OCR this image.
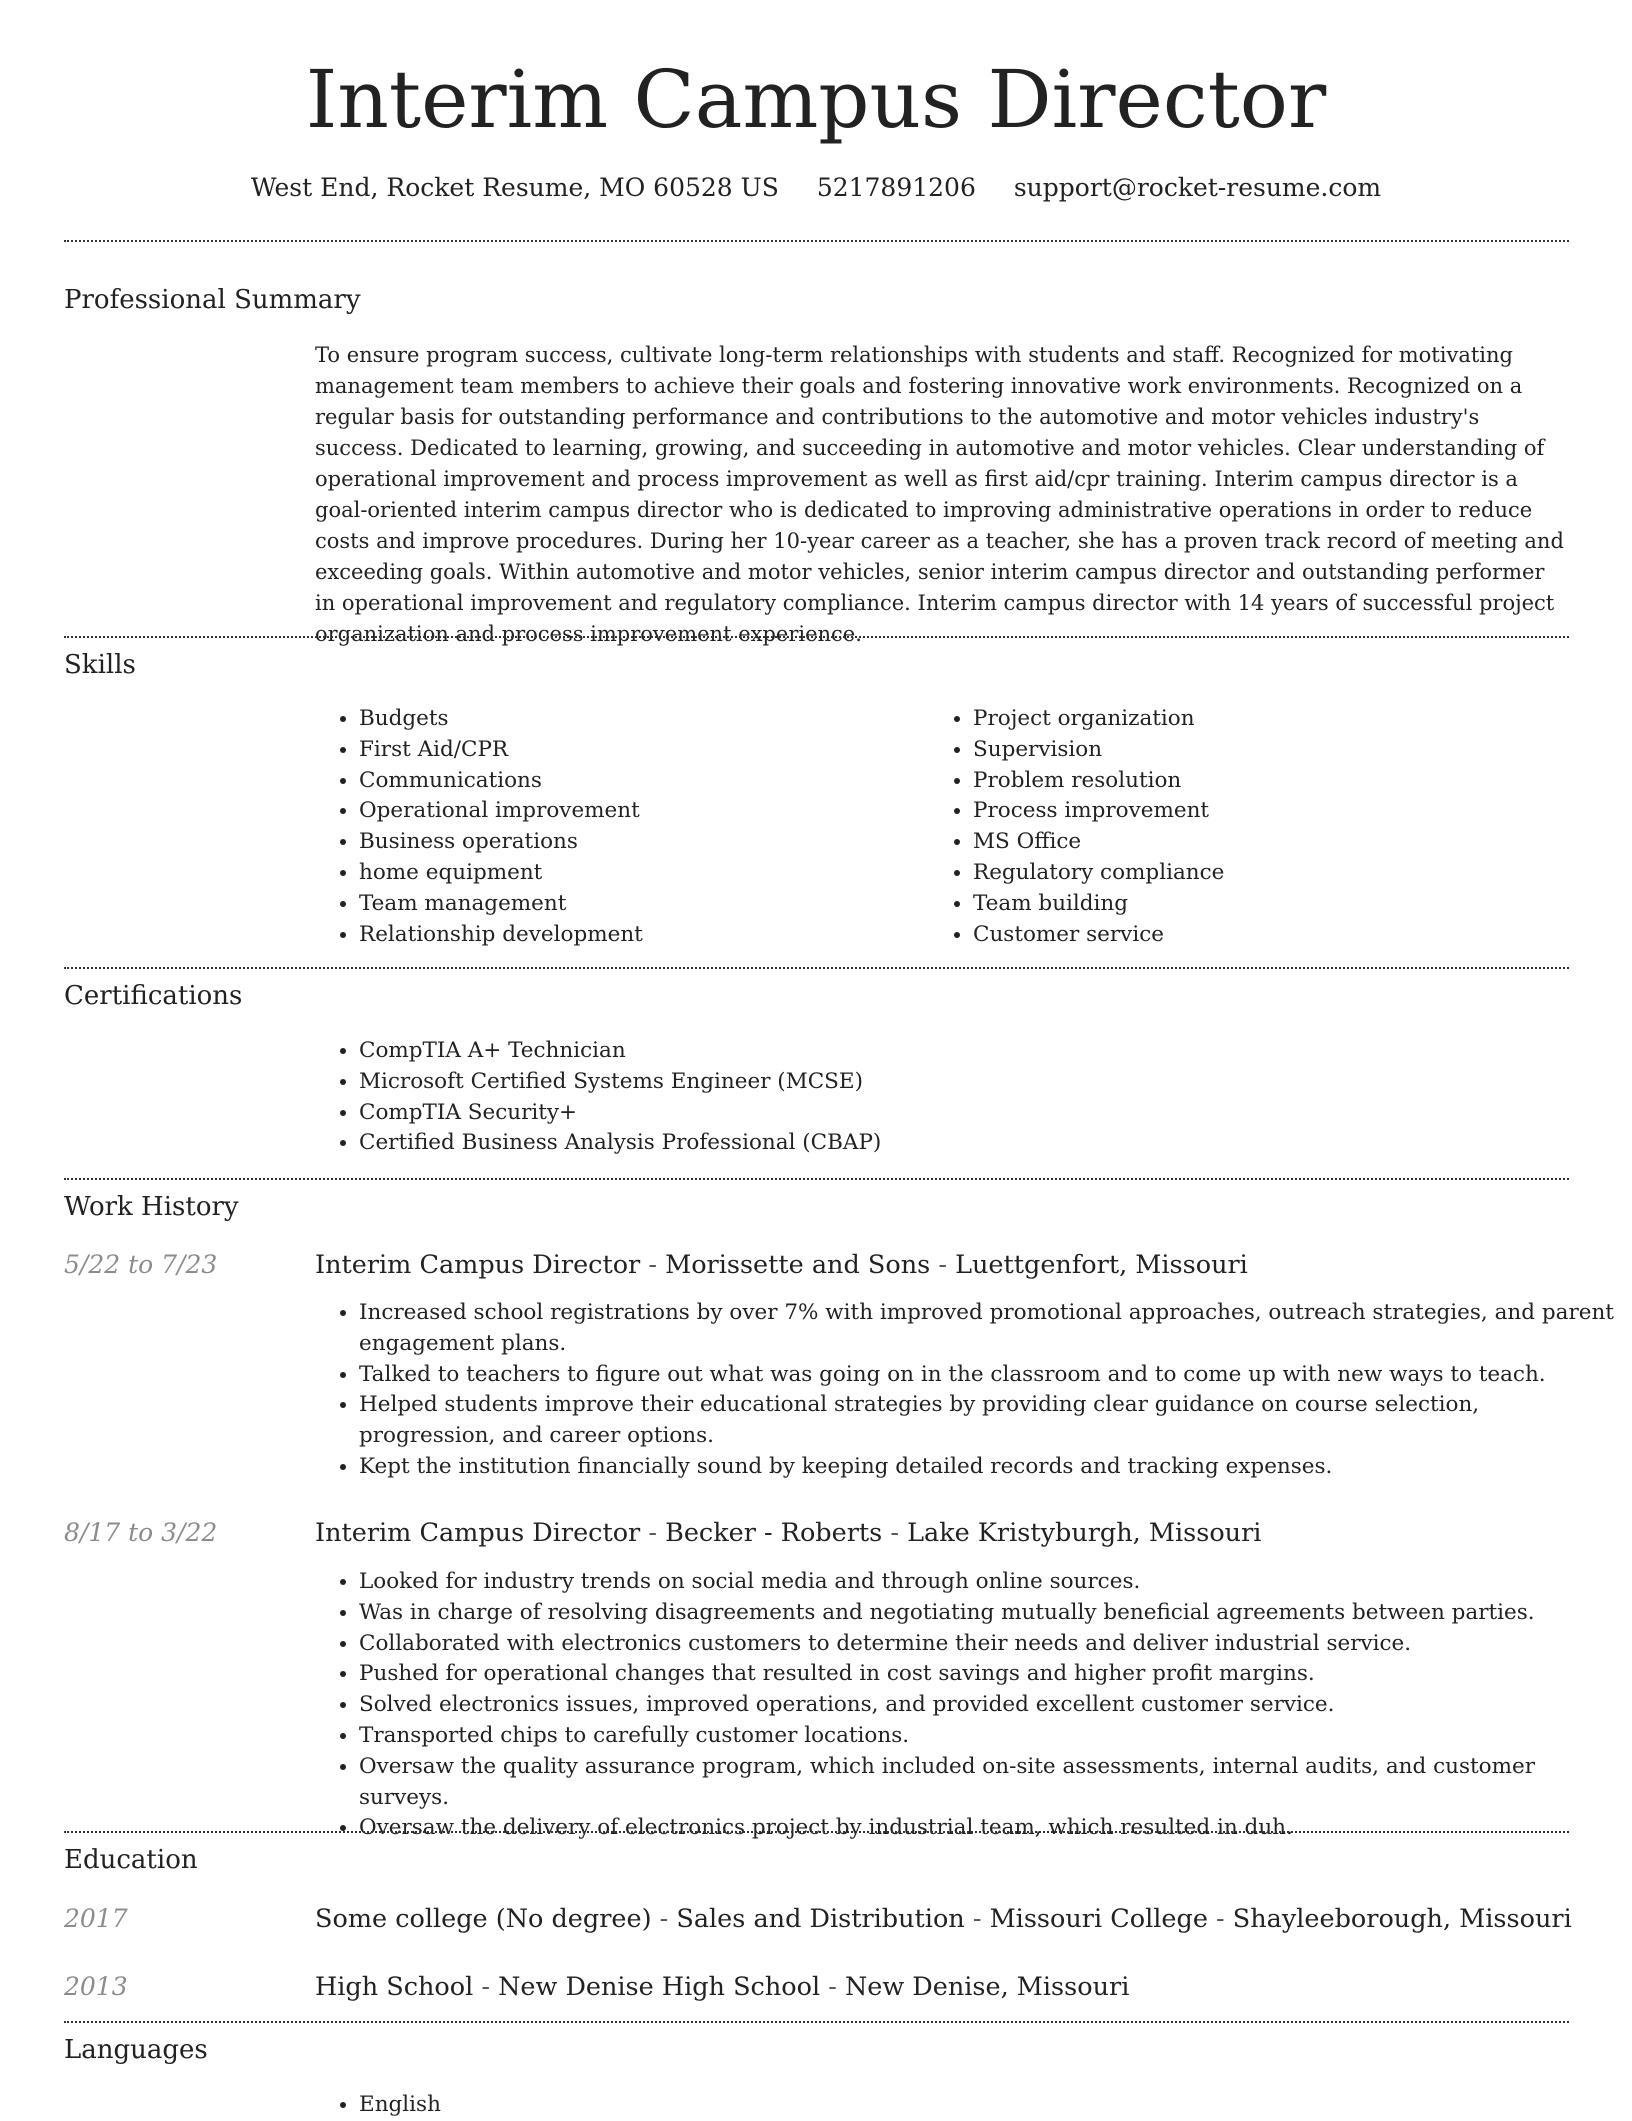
Interim Campus Director
West End, Rocket Resume, MO 60528 US 5217891206 support@rocket-resume.com
Professional Summary
To ensure program success, cultivate long-term relationships with students and staff. Recognized for motivating management team members to achieve their goals and fostering innovative work environments. Recognized on a regular basis for outstanding performance and contributions to the automotive and motor vehicles industry's success. Dedicated to learning, growing, and succeeding in automotive and motor vehicles. Clear understanding of operational improvement and process improvement as well as first aid/cpr training. Interim campus director is a goal-oriented interim campus director who is dedicated to improving administrative operations in order to reduce costs and improve procedures. During her 10-year career as a teacher, she has a proven track record of meeting and exceeding goals. Within automotive and motor vehicles, senior interim campus director and outstanding performer in operational improvement and regulatory compliance. Interim campus director with 14 years of successful project organization and process improvement experience.
Skills
• Budgets
• First Aid/CPR
• Communications
• Operational improvement
• Business operations
• home equipment
• Team management
• Relationship development
• Project organization
• Supervision
• Problem resolution
• Process improvement
• MS Office
• Regulatory compliance
• Team building
• Customer service
Certifications
• CompTIA A+ Technician
• Microsoft Certified Systems Engineer (MCSE)
• CompTIA Security+
• Certified Business Analysis Professional (CBAP)
Work History
5/22 to 7/23	Interim Campus Director - Morissette and Sons - Luettgenfort, Missouri
• Increased school registrations by over 7% with improved promotional approaches, outreach strategies, and parent engagement plans.
• Talked to teachers to figure out what was going on in the classroom and to come up with new ways to teach.
• Helped students improve their educational strategies by providing clear guidance on course selection, progression, and career options.
• Kept the institution financially sound by keeping detailed records and tracking expenses.
8/17 to 3/22	Interim Campus Director - Becker - Roberts - Lake Kristyburgh, Missouri
• Looked for industry trends on social media and through online sources.
• Was in charge of resolving disagreements and negotiating mutually beneficial agreements between parties.
• Collaborated with electronics customers to determine their needs and deliver industrial service.
• Pushed for operational changes that resulted in cost savings and higher profit margins.
• Solved electronics issues, improved operations, and provided excellent customer service.
• Transported chips to carefully customer locations.
• Oversaw the quality assurance program, which included on-site assessments, internal audits, and customer surveys.
• Oversaw the delivery of electronics project by industrial team, which resulted in duh.
Education
2017	Some college (No degree) - Sales and Distribution - Missouri College - Shayleeborough, Missouri
2013	High School - New Denise High School - New Denise, Missouri
Languages
• English
